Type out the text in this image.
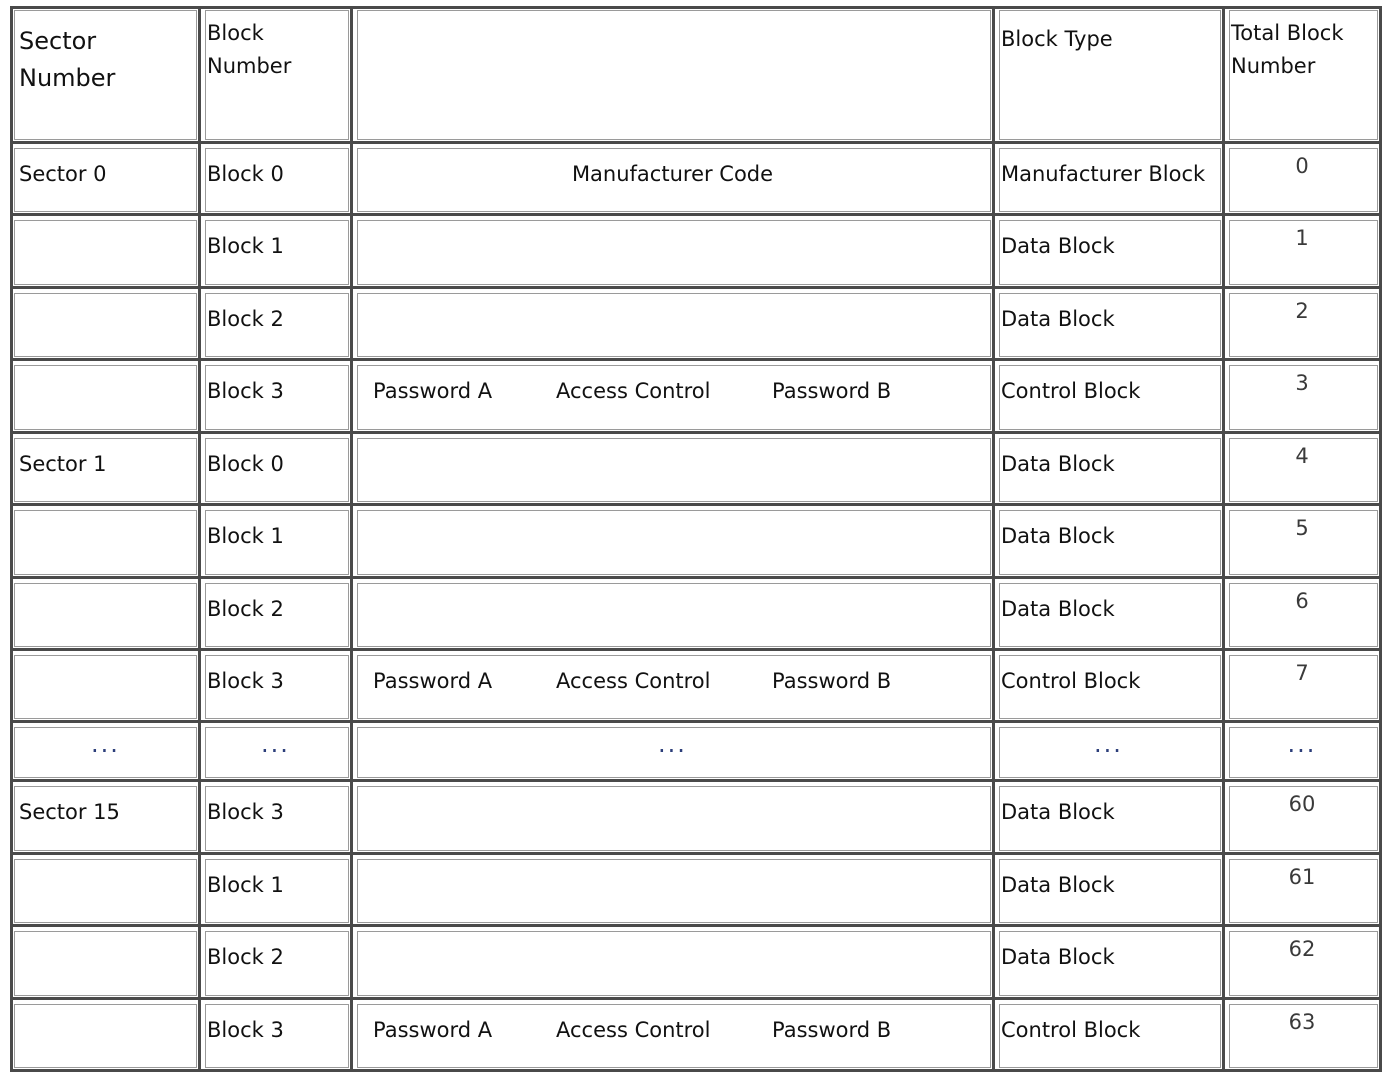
Sector Number	Block Number		Block Type	Total Block Number
Sector 0	Block 0	Manufacturer Code	Manufacturer Block	0
	Block 1		Data Block	1
	Block 2		Data Block	2
	Block 3	Password A Access Control Password B	Control Block	3
Sector 1	Block 0		Data Block	4
	Block 1		Data Block	5
	Block 2		Data Block	6
	Block 3	Password A Access Control Password B	Control Block	7
···	···	···	···	···
Sector 15	Block 3		Data Block	60
	Block 1		Data Block	61
	Block 2		Data Block	62
	Block 3	Password A Access Control Password B	Control Block	63
